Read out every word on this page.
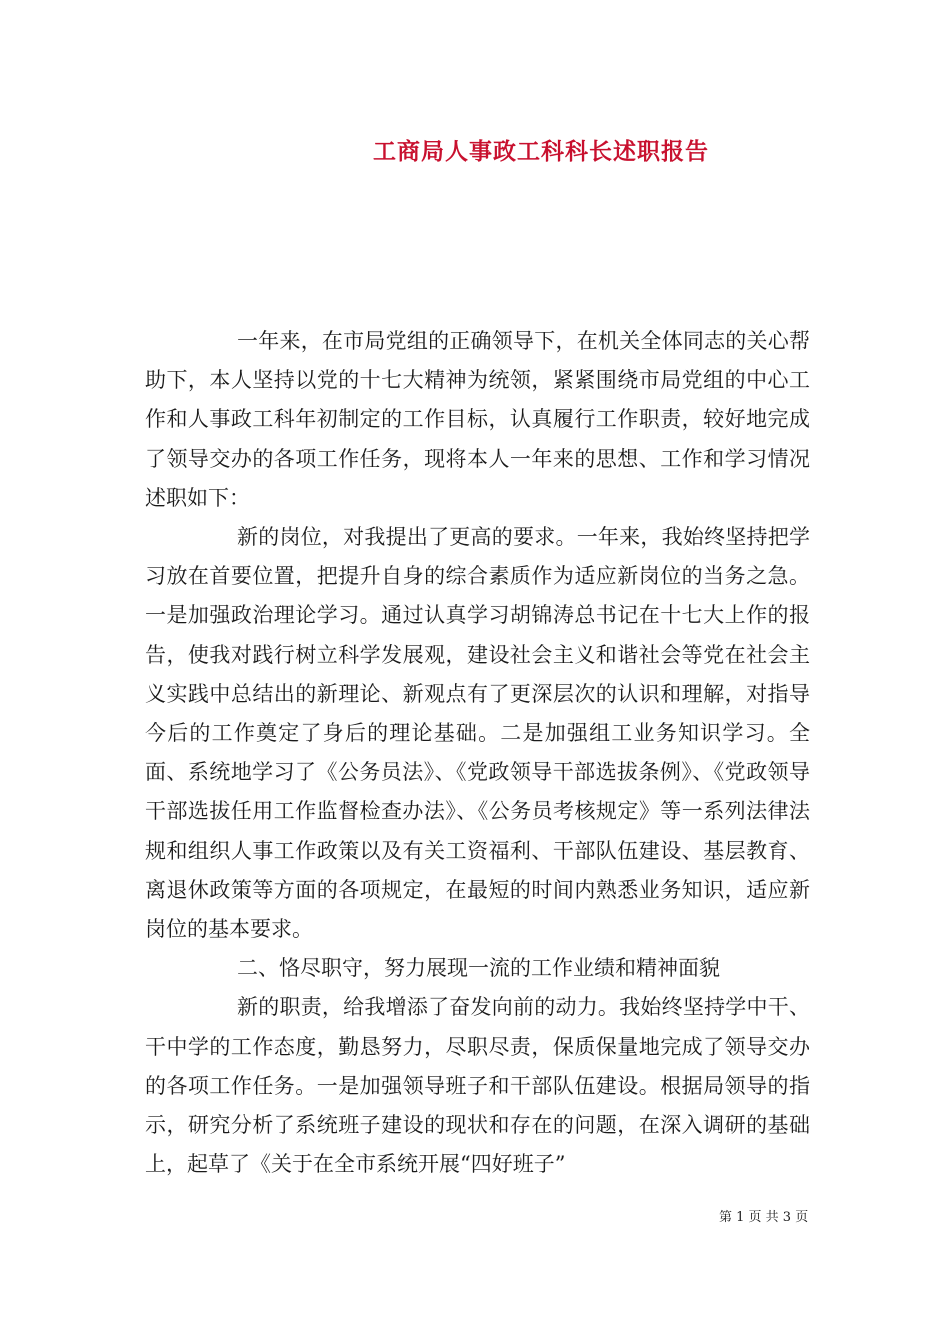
工商局人事政工科科长述职报告

一年来，在市局党组的正确领导下，在机关全体同志的关心帮助下，本人坚持以党的十七大精神为统领，紧紧围绕市局党组的中心工作和人事政工科年初制定的工作目标，认真履行工作职责，较好地完成了领导交办的各项工作任务，现将本人一年来的思想、工作和学习情况述职如下：

新的岗位，对我提出了更高的要求。一年来，我始终坚持把学习放在首要位置，把提升自身的综合素质作为适应新岗位的当务之急。一是加强政治理论学习。通过认真学习胡锦涛总书记在十七大上作的报告，使我对践行树立科学发展观，建设社会主义和谐社会等党在社会主义实践中总结出的新理论、新观点有了更深层次的认识和理解，对指导今后的工作奠定了身后的理论基础。二是加强组工业务知识学习。全面、系统地学习了《公务员法》、《党政领导干部选拔条例》、《党政领导干部选拔任用工作监督检查办法》、《公务员考核规定》等一系列法律法规和组织人事工作政策以及有关工资福利、干部队伍建设、基层教育、离退休政策等方面的各项规定，在最短的时间内熟悉业务知识，适应新岗位的基本要求。

二、恪尽职守，努力展现一流的工作业绩和精神面貌

新的职责，给我增添了奋发向前的动力。我始终坚持学中干、干中学的工作态度，勤恳努力，尽职尽责，保质保量地完成了领导交办的各项工作任务。一是加强领导班子和干部队伍建设。根据局领导的指示，研究分析了系统班子建设的现状和存在的问题，在深入调研的基础上，起草了《关于在全市系统开展“四好班子”

第 1 页 共 3 页
